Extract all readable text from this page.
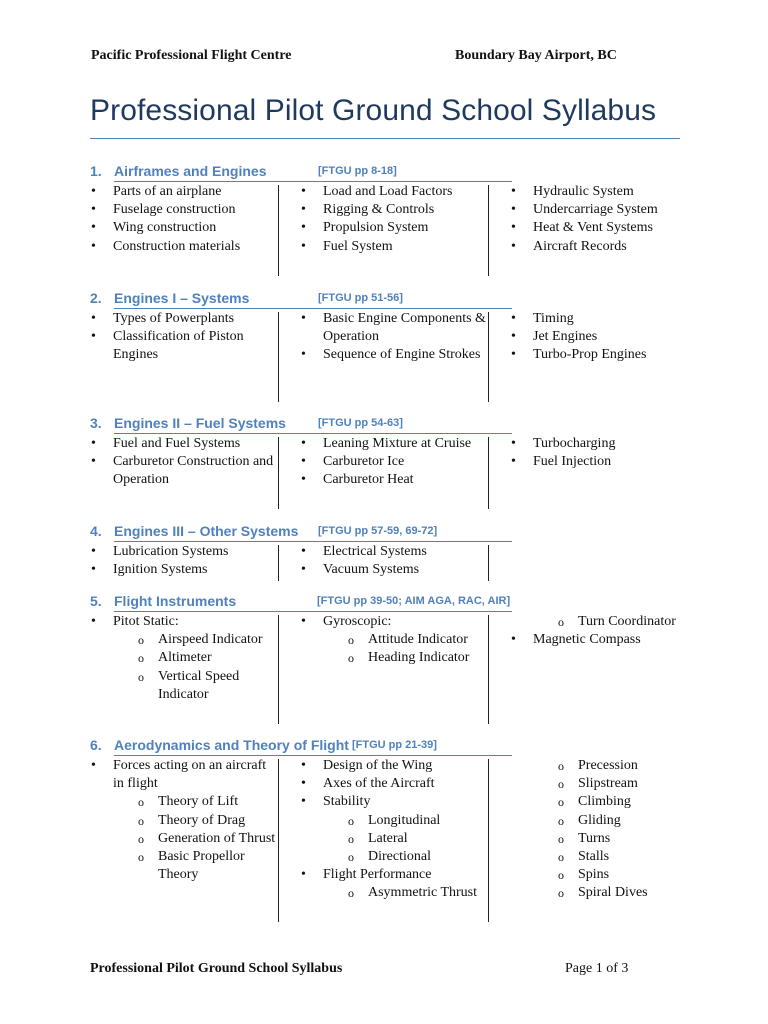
Pacific Professional Flight Centre	Boundary Bay Airport, BC
Professional Pilot Ground School Syllabus
1. Airframes and Engines	[FTGU pp 8-18]
• Parts of an airplane
• Fuselage construction
• Wing construction
• Construction materials
• Load and Load Factors
• Rigging & Controls
• Propulsion System
• Fuel System
• Hydraulic System
• Undercarriage System
• Heat & Vent Systems
• Aircraft Records
2. Engines I – Systems	[FTGU pp 51-56]
• Types of Powerplants
• Classification of Piston Engines
• Basic Engine Components & Operation
• Sequence of Engine Strokes
• Timing
• Jet Engines
• Turbo-Prop Engines
3. Engines II – Fuel Systems	[FTGU pp 54-63]
• Fuel and Fuel Systems
• Carburetor Construction and Operation
• Leaning Mixture at Cruise
• Carburetor Ice
• Carburetor Heat
• Turbocharging
• Fuel Injection
4. Engines III – Other Systems [FTGU pp 57-59, 69-72]
• Lubrication Systems
• Ignition Systems
• Electrical Systems
• Vacuum Systems
5. Flight Instruments	[FTGU pp 39-50; AIM AGA, RAC, AIR]
• Pitot Static:
o Airspeed Indicator
o Altimeter
o Vertical Speed Indicator
• Gyroscopic:
o Attitude Indicator
o Heading Indicator
o Turn Coordinator
• Magnetic Compass
6. Aerodynamics and Theory of Flight [FTGU pp 21-39]
• Forces acting on an aircraft in flight
o Theory of Lift
o Theory of Drag
o Generation of Thrust
o Basic Propellor Theory
• Design of the Wing
• Axes of the Aircraft
• Stability
o Longitudinal
o Lateral
o Directional
• Flight Performance
o Asymmetric Thrust
o Precession
o Slipstream
o Climbing
o Gliding
o Turns
o Stalls
o Spins
o Spiral Dives
Professional Pilot Ground School Syllabus	Page 1 of 3
